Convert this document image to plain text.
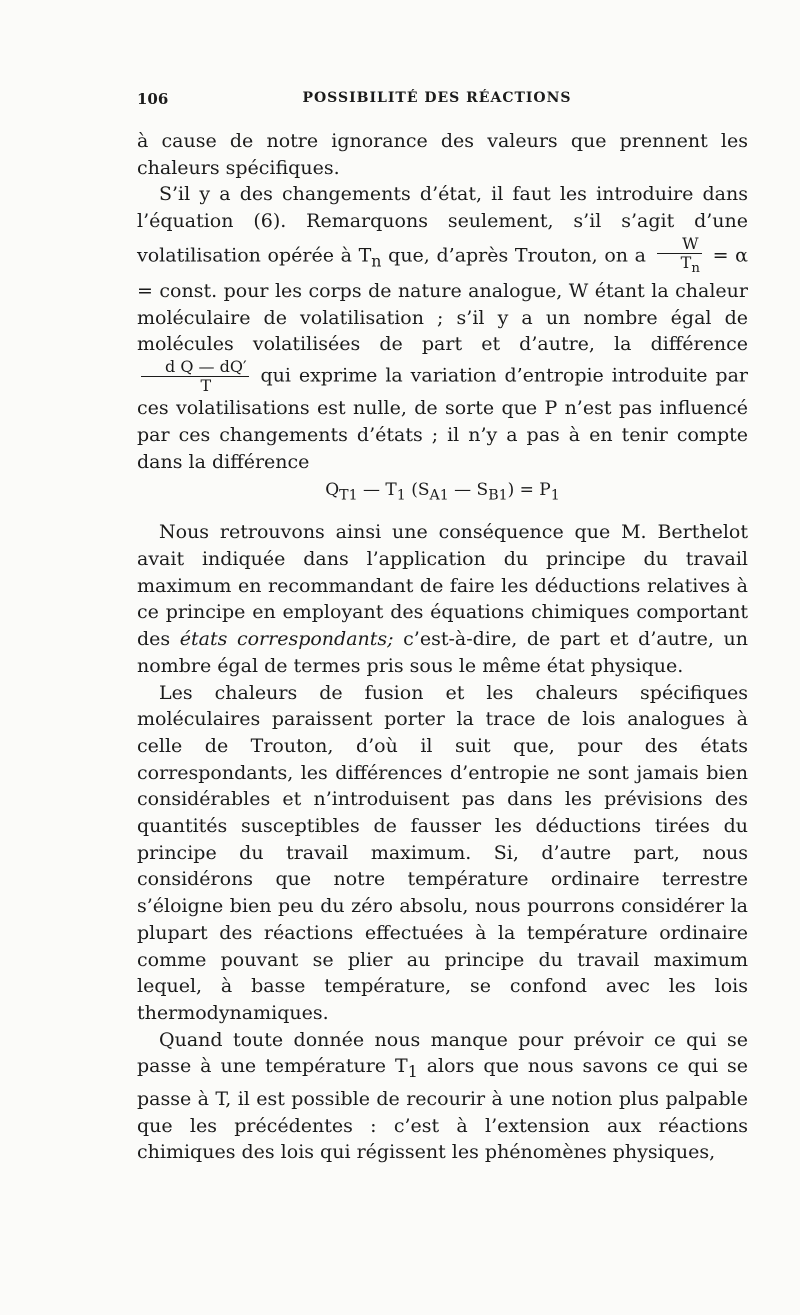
106	POSSIBILITÉ DES RÉACTIONS

à cause de notre ignorance des valeurs que prennent les chaleurs spécifiques.

S’il y a des changements d’état, il faut les introduire dans l’équation (6). Remarquons seulement, s’il s’agit d’une volatilisation opérée à $T_n$ que, d’après Trouton, on a $\frac{W}{T_n} = \alpha$ = const. pour les corps de nature analogue, W étant la chaleur moléculaire de volatilisation ; s’il y a un nombre égal de molécules volatilisées de part et d’autre, la différence
$\frac{\text{d Q — dQ′}}{T}$ qui exprime la variation d’entropie introduite par ces volatilisations est nulle, de sorte que P n’est pas influencé par ces changements d’états ; il n’y a pas à en tenir compte dans la différence

$Q_{T1}$ — $T_1$ ($S_{A1}$ — $S_{B1}) = P_1$

Nous retrouvons ainsi une conséquence que M. Berthelot avait indiquée dans l’application du principe du travail maximum en recommandant de faire les déductions relatives à ce principe en employant des équations chimiques comportant des états correspondants; c’est-à-dire, de part et d’autre, un nombre égal de termes pris sous le même état physique.

Les chaleurs de fusion et les chaleurs spécifiques moléculaires paraissent porter la trace de lois analogues à celle de Trouton, d’où il suit que, pour des états correspondants, les différences d’entropie ne sont jamais bien considérables et n’introduisent pas dans les prévisions des quantités susceptibles de fausser les déductions tirées du principe du travail maximum. Si, d’autre part, nous considérons que notre température ordinaire terrestre s’éloigne bien peu du zéro absolu, nous pourrons considérer la plupart des réactions effectuées à la température ordinaire comme pouvant se plier au principe du travail maximum lequel, à basse température, se confond avec les lois thermodynamiques.

Quand toute donnée nous manque pour prévoir ce qui se passe à une température $T_1$ alors que nous savons ce qui se passe à T, il est possible de recourir à une notion plus palpable que les précédentes : c’est à l’extension aux réactions chimiques des lois qui régissent les phénomènes physiques,
